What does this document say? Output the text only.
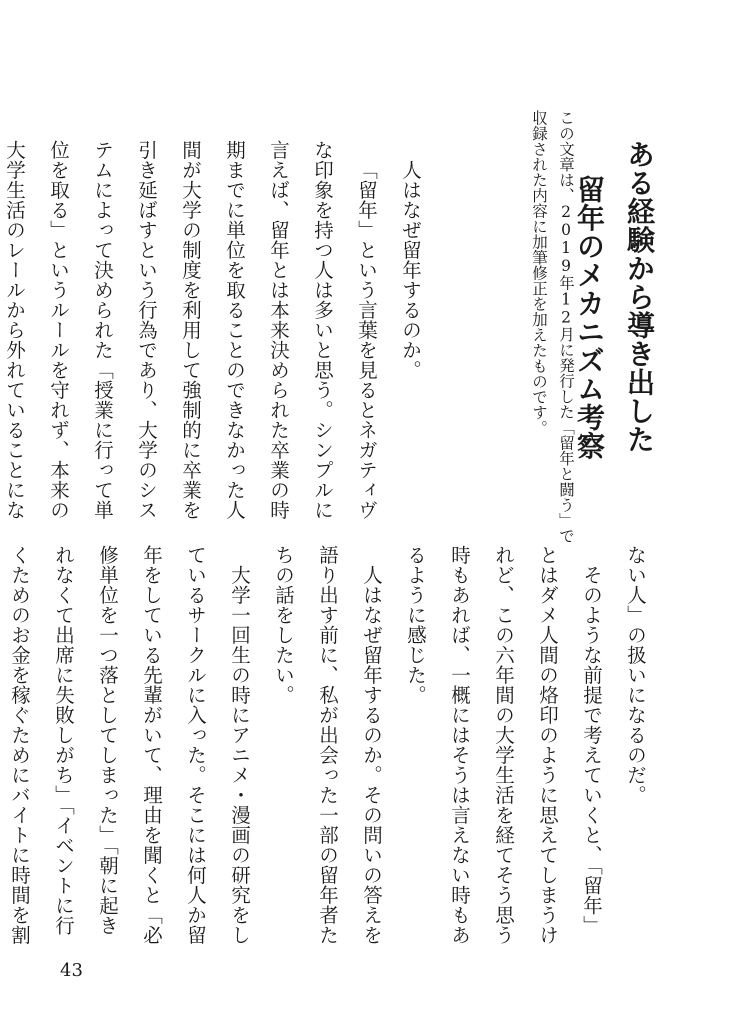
ある経験から導き出した
留年のメカニズム考察
この文章は、2019年12月に発行した「留年と闘う」で収録された内容に加筆修正を加えたものです。
人はなぜ留年するのか。
「留年」という言葉を見るとネガティヴな印象を持つ人は多いと思う。シンプルに言えば、留年とは本来決められた卒業の時期までに単位を取ることのできなかった人間が大学の制度を利用して強制的に卒業を引き延ばすという行為であり、大学のシステムによって決められた「授業に行って単位を取る」というルールを守れず、本来の大学生活のレールから外れていることにな
ない人」の扱いになるのだ。
そのような前提で考えていくと、「留年」とはダメ人間の烙印のように思えてしまうけれど、この六年間の大学生活を経てそう思う時もあれば、一概にはそうは言えない時もあるように感じた。
人はなぜ留年するのか。その問いの答えを語り出す前に、私が出会った一部の留年者たちの話をしたい。
大学一回生の時にアニメ・漫画の研究をしているサークルに入った。そこには何人か留年をしている先輩がいて、理由を聞くと「必修単位を一つ落としてしまった」「朝に起きれなくて出席に失敗しがち」「イベントに行くためのお金を稼ぐためにバイトに時間を割
43
